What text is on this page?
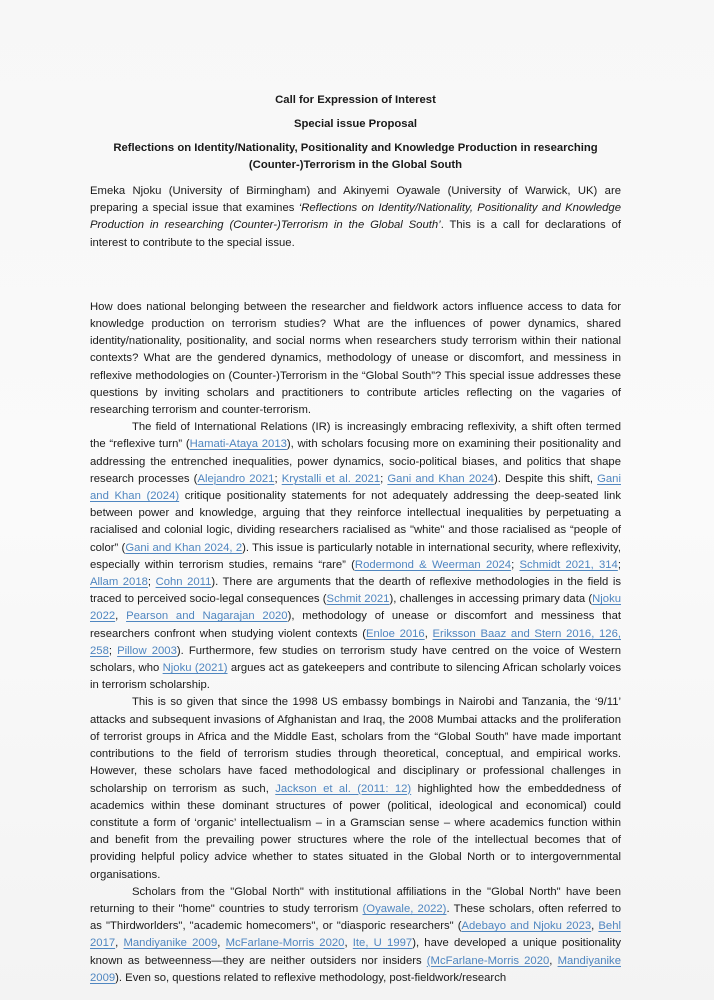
Call for Expression of Interest

Special issue Proposal

Reflections on Identity/Nationality, Positionality and Knowledge Production in researching (Counter-)Terrorism in the Global South

Emeka Njoku (University of Birmingham) and Akinyemi Oyawale (University of Warwick, UK) are preparing a special issue that examines ‘Reflections on Identity/Nationality, Positionality and Knowledge Production in researching (Counter-)Terrorism in the Global South’. This is a call for declarations of interest to contribute to the special issue.

How does national belonging between the researcher and fieldwork actors influence access to data for knowledge production on terrorism studies? What are the influences of power dynamics, shared identity/nationality, positionality, and social norms when researchers study terrorism within their national contexts? What are the gendered dynamics, methodology of unease or discomfort, and messiness in reflexive methodologies on (Counter-)Terrorism in the “Global South”? This special issue addresses these questions by inviting scholars and practitioners to contribute articles reflecting on the vagaries of researching terrorism and counter-terrorism.

The field of International Relations (IR) is increasingly embracing reflexivity, a shift often termed the “reflexive turn” (Hamati-Ataya 2013), with scholars focusing more on examining their positionality and addressing the entrenched inequalities, power dynamics, socio-political biases, and politics that shape research processes (Alejandro 2021; Krystalli et al. 2021; Gani and Khan 2024). Despite this shift, Gani and Khan (2024) critique positionality statements for not adequately addressing the deep-seated link between power and knowledge, arguing that they reinforce intellectual inequalities by perpetuating a racialised and colonial logic, dividing researchers racialised as "white" and those racialised as “people of color” (Gani and Khan 2024, 2). This issue is particularly notable in international security, where reflexivity, especially within terrorism studies, remains “rare” (Rodermond & Weerman 2024; Schmidt 2021, 314; Allam 2018; Cohn 2011). There are arguments that the dearth of reflexive methodologies in the field is traced to perceived socio-legal consequences (Schmit 2021), challenges in accessing primary data (Njoku 2022, Pearson and Nagarajan 2020), methodology of unease or discomfort and messiness that researchers confront when studying violent contexts (Enloe 2016, Eriksson Baaz and Stern 2016, 126, 258; Pillow 2003). Furthermore, few studies on terrorism study have centred on the voice of Western scholars, who Njoku (2021) argues act as gatekeepers and contribute to silencing African scholarly voices in terrorism scholarship.

This is so given that since the 1998 US embassy bombings in Nairobi and Tanzania, the ‘9/11’ attacks and subsequent invasions of Afghanistan and Iraq, the 2008 Mumbai attacks and the proliferation of terrorist groups in Africa and the Middle East, scholars from the “Global South” have made important contributions to the field of terrorism studies through theoretical, conceptual, and empirical works. However, these scholars have faced methodological and disciplinary or professional challenges in scholarship on terrorism as such, Jackson et al. (2011: 12) highlighted how the embeddedness of academics within these dominant structures of power (political, ideological and economical) could constitute a form of ‘organic’ intellectualism – in a Gramscian sense – where academics function within and benefit from the prevailing power structures where the role of the intellectual becomes that of providing helpful policy advice whether to states situated in the Global North or to intergovernmental organisations.

Scholars from the "Global North" with institutional affiliations in the "Global North" have been returning to their "home" countries to study terrorism (Oyawale, 2022). These scholars, often referred to as "Thirdworlders", "academic homecomers", or "diasporic researchers" (Adebayo and Njoku 2023, Behl 2017, Mandiyanike 2009, McFarlane-Morris 2020, Ite, U 1997), have developed a unique positionality known as betweenness—they are neither outsiders nor insiders (McFarlane-Morris 2020, Mandiyanike 2009). Even so, questions related to reflexive methodology, post-fieldwork/research
